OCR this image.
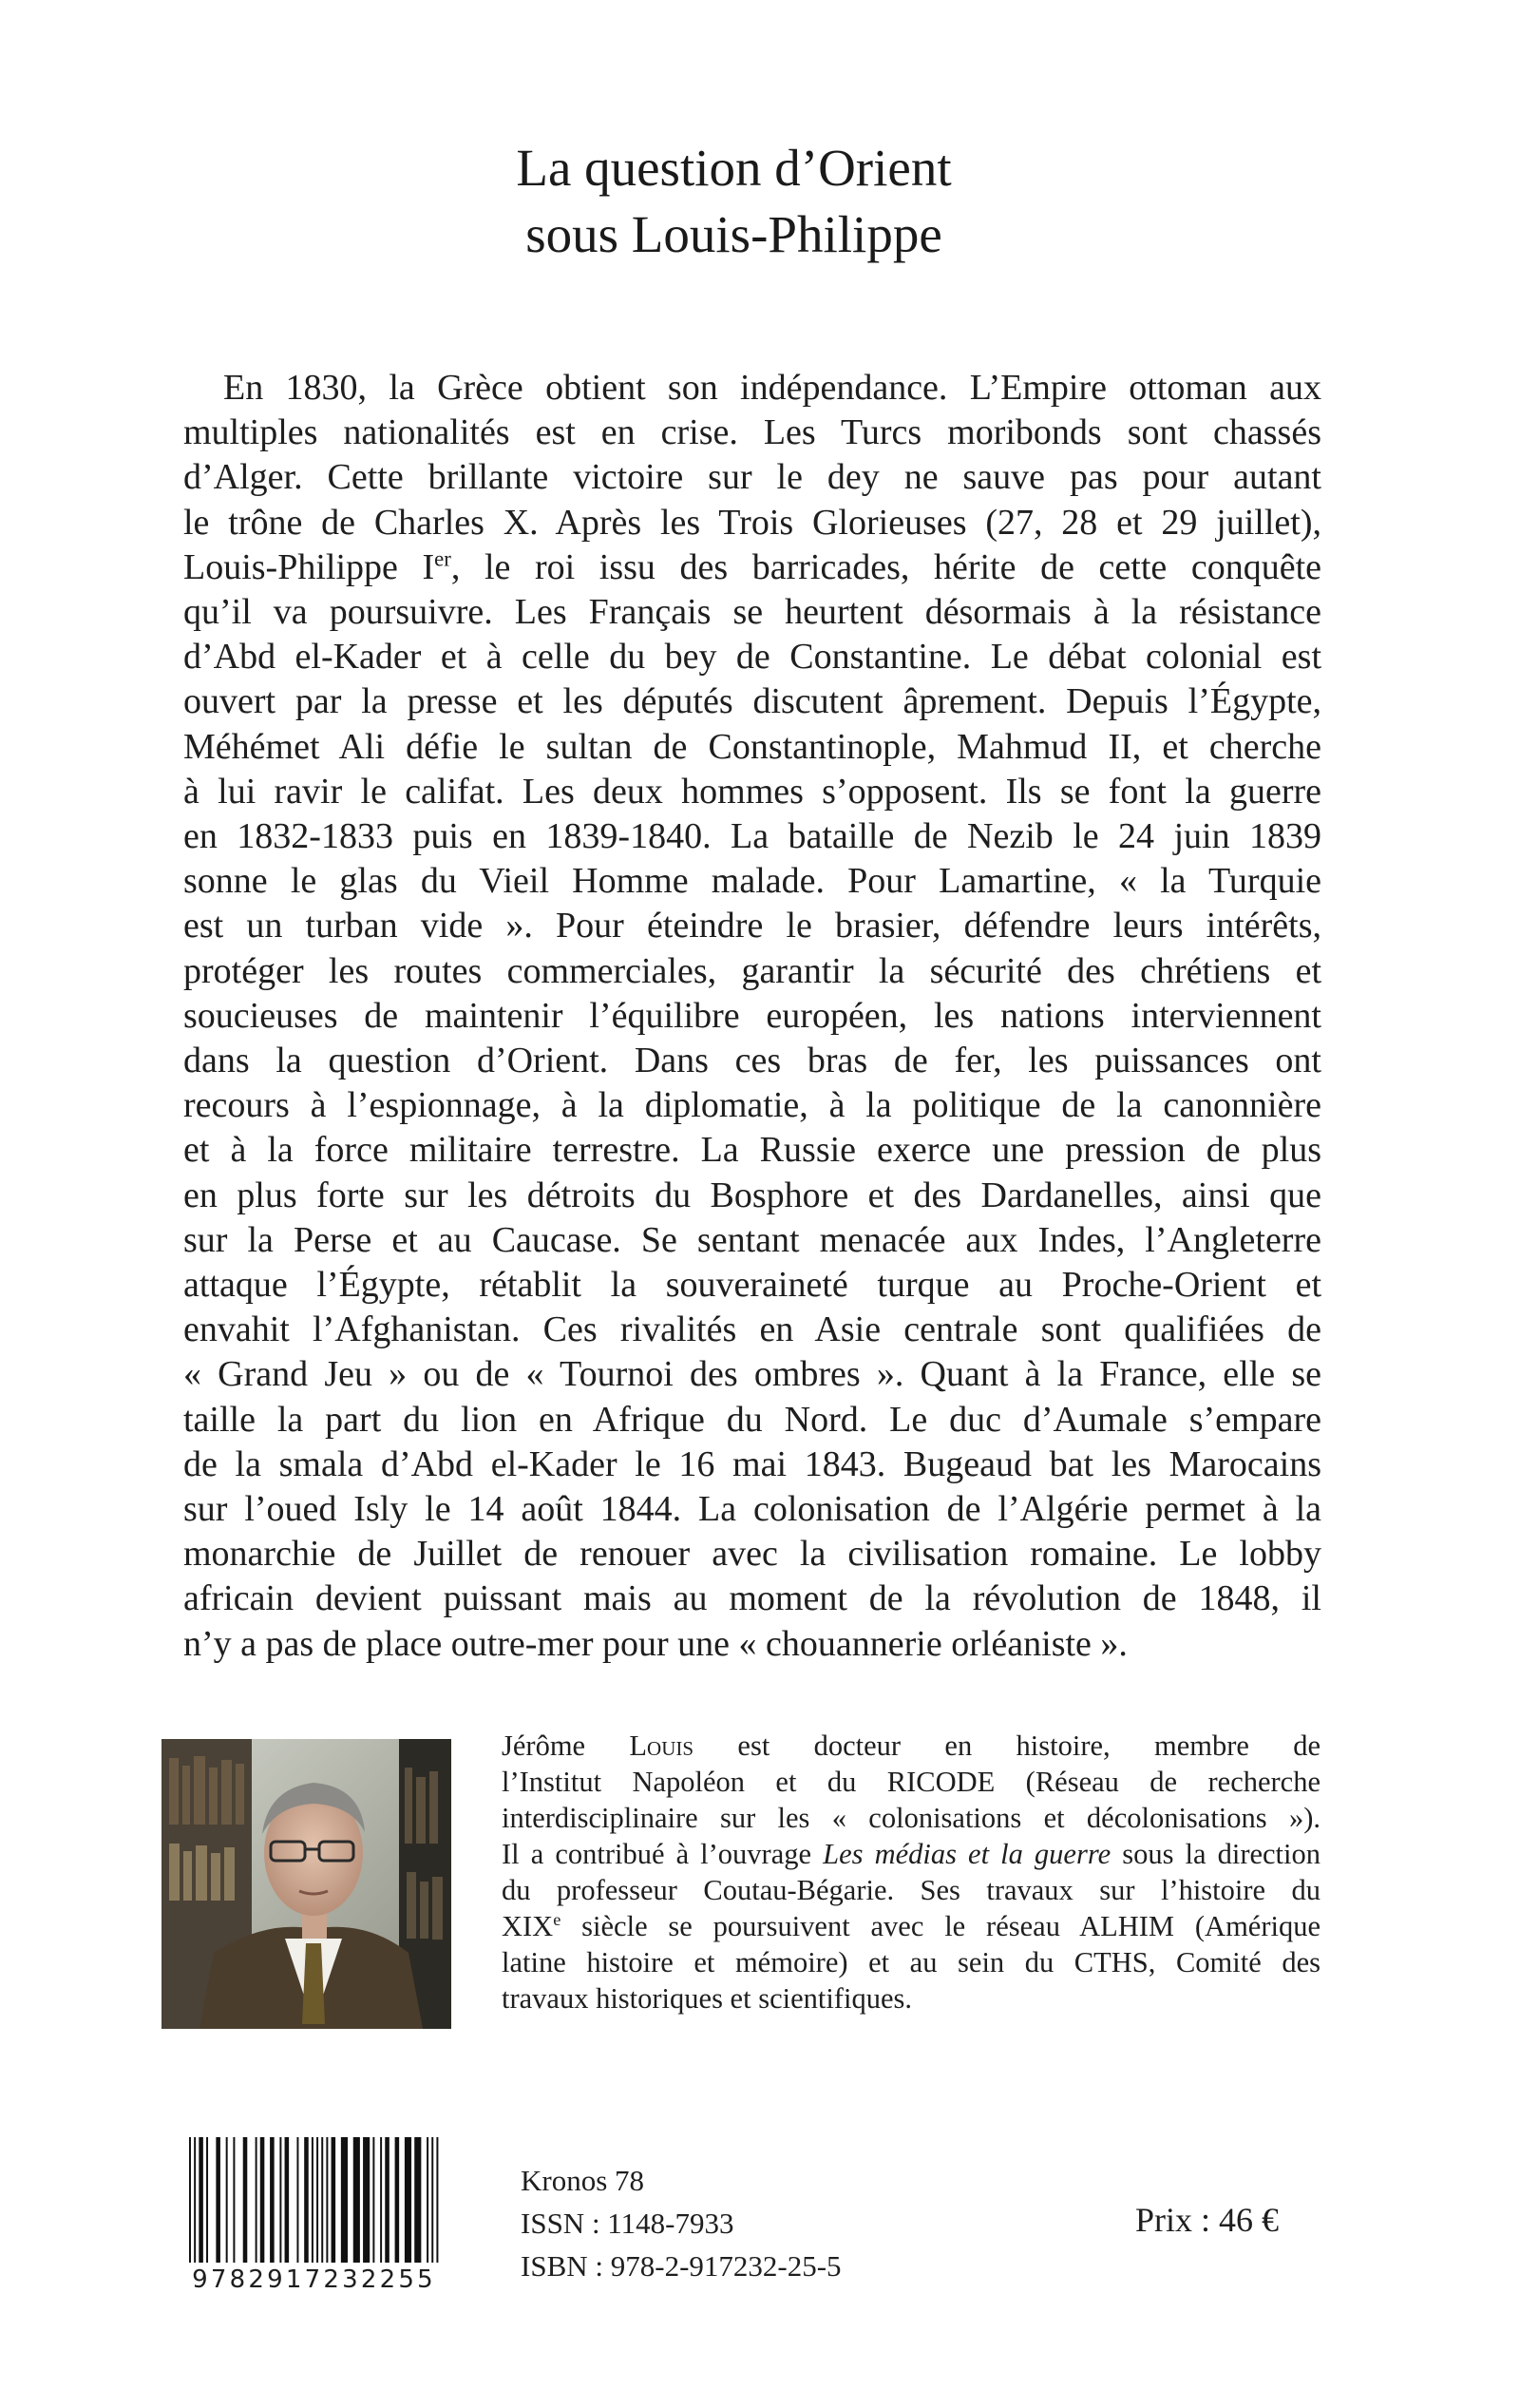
La question d’Orient
sous Louis-Philippe
En 1830, la Grèce obtient son indépendance. L’Empire ottoman aux
multiples nationalités est en crise. Les Turcs moribonds sont chassés
d’Alger. Cette brillante victoire sur le dey ne sauve pas pour autant
le trône de Charles X. Après les Trois Glorieuses (27, 28 et 29 juillet),
Louis-Philippe Ier, le roi issu des barricades, hérite de cette conquête
qu’il va poursuivre. Les Français se heurtent désormais à la résistance
d’Abd el-Kader et à celle du bey de Constantine. Le débat colonial est
ouvert par la presse et les députés discutent âprement. Depuis l’Égypte,
Méhémet Ali défie le sultan de Constantinople, Mahmud II, et cherche
à lui ravir le califat. Les deux hommes s’opposent. Ils se font la guerre
en 1832-1833 puis en 1839-1840. La bataille de Nezib le 24 juin 1839
sonne le glas du Vieil Homme malade. Pour Lamartine, « la Turquie
est un turban vide ». Pour éteindre le brasier, défendre leurs intérêts,
protéger les routes commerciales, garantir la sécurité des chrétiens et
soucieuses de maintenir l’équilibre européen, les nations interviennent
dans la question d’Orient. Dans ces bras de fer, les puissances ont
recours à l’espionnage, à la diplomatie, à la politique de la canonnière
et à la force militaire terrestre. La Russie exerce une pression de plus
en plus forte sur les détroits du Bosphore et des Dardanelles, ainsi que
sur la Perse et au Caucase. Se sentant menacée aux Indes, l’Angleterre
attaque l’Égypte, rétablit la souveraineté turque au Proche-Orient et
envahit l’Afghanistan. Ces rivalités en Asie centrale sont qualifiées de
« Grand Jeu » ou de « Tournoi des ombres ». Quant à la France, elle se
taille la part du lion en Afrique du Nord. Le duc d’Aumale s’empare
de la smala d’Abd el-Kader le 16 mai 1843. Bugeaud bat les Marocains
sur l’oued Isly le 14 août 1844. La colonisation de l’Algérie permet à la
monarchie de Juillet de renouer avec la civilisation romaine. Le lobby
africain devient puissant mais au moment de la révolution de 1848, il
n’y a pas de place outre-mer pour une « chouannerie orléaniste ».
Jérôme Louis est docteur en histoire, membre de
l’Institut Napoléon et du RICODE (Réseau de recherche
interdisciplinaire sur les « colonisations et décolonisations »).
Il a contribué à l’ouvrage Les médias et la guerre sous la direction
du professeur Coutau-Bégarie. Ses travaux sur l’histoire du
XIXe siècle se poursuivent avec le réseau ALHIM (Amérique
latine histoire et mémoire) et au sein du CTHS, Comité des
travaux historiques et scientifiques.
9782917232255
Kronos 78
ISSN : 1148-7933
ISBN : 978-2-917232-25-5
Prix : 46 €
